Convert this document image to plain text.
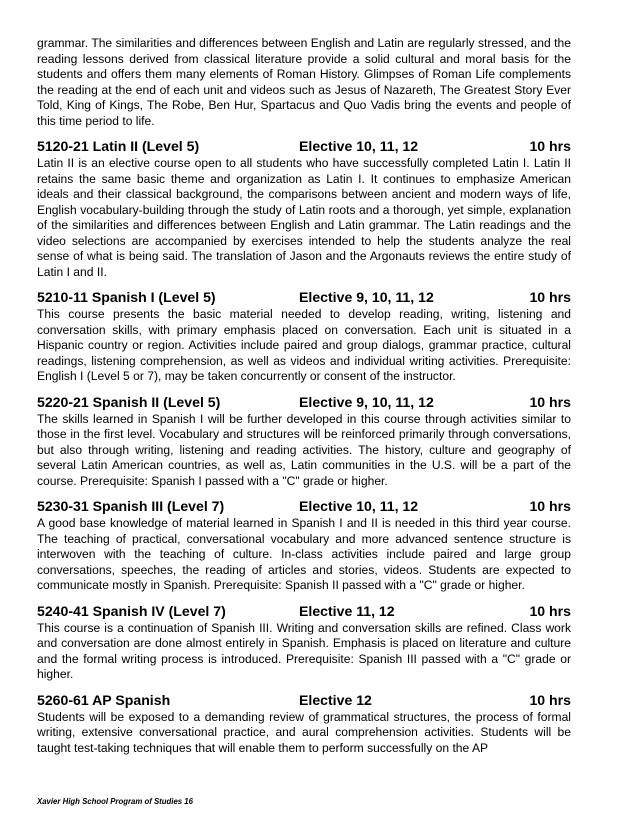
grammar. The similarities and differences between English and Latin are regularly stressed, and the reading lessons derived from classical literature provide a solid cultural and moral basis for the students and offers them many elements of Roman History. Glimpses of Roman Life complements the reading at the end of each unit and videos such as Jesus of Nazareth, The Greatest Story Ever Told, King of Kings, The Robe, Ben Hur, Spartacus and Quo Vadis bring the events and people of this time period to life.

5120-21 Latin II (Level 5)	Elective 10, 11, 12	10 hrs

Latin II is an elective course open to all students who have successfully completed Latin I. Latin II retains the same basic theme and organization as Latin I. It continues to emphasize American ideals and their classical background, the comparisons between ancient and modern ways of life, English vocabulary-building through the study of Latin roots and a thorough, yet simple, explanation of the similarities and differences between English and Latin grammar. The Latin readings and the video selections are accompanied by exercises intended to help the students analyze the real sense of what is being said. The translation of Jason and the Argonauts reviews the entire study of Latin I and II.

5210-11 Spanish I (Level 5)	Elective 9, 10, 11, 12	10 hrs

This course presents the basic material needed to develop reading, writing, listening and conversation skills, with primary emphasis placed on conversation. Each unit is situated in a Hispanic country or region. Activities include paired and group dialogs, grammar practice, cultural readings, listening comprehension, as well as videos and individual writing activities. Prerequisite: English I (Level 5 or 7), may be taken concurrently or consent of the instructor.

5220-21 Spanish II (Level 5)	Elective 9, 10, 11, 12	10 hrs

The skills learned in Spanish I will be further developed in this course through activities similar to those in the first level. Vocabulary and structures will be reinforced primarily through conversations, but also through writing, listening and reading activities. The history, culture and geography of several Latin American countries, as well as, Latin communities in the U.S. will be a part of the course. Prerequisite: Spanish I passed with a "C" grade or higher.

5230-31 Spanish III (Level 7)	Elective 10, 11, 12	10 hrs

A good base knowledge of material learned in Spanish I and II is needed in this third year course. The teaching of practical, conversational vocabulary and more advanced sentence structure is interwoven with the teaching of culture. In-class activities include paired and large group conversations, speeches, the reading of articles and stories, videos. Students are expected to communicate mostly in Spanish. Prerequisite: Spanish II passed with a "C" grade or higher.

5240-41 Spanish IV (Level 7)	Elective 11, 12	10 hrs

This course is a continuation of Spanish III. Writing and conversation skills are refined. Class work and conversation are done almost entirely in Spanish. Emphasis is placed on literature and culture and the formal writing process is introduced. Prerequisite: Spanish III passed with a "C" grade or higher.

5260-61 AP Spanish	Elective 12	10 hrs

Students will be exposed to a demanding review of grammatical structures, the process of formal writing, extensive conversational practice, and aural comprehension activities. Students will be taught test-taking techniques that will enable them to perform successfully on the AP

Xavier High School Program of Studies 16
